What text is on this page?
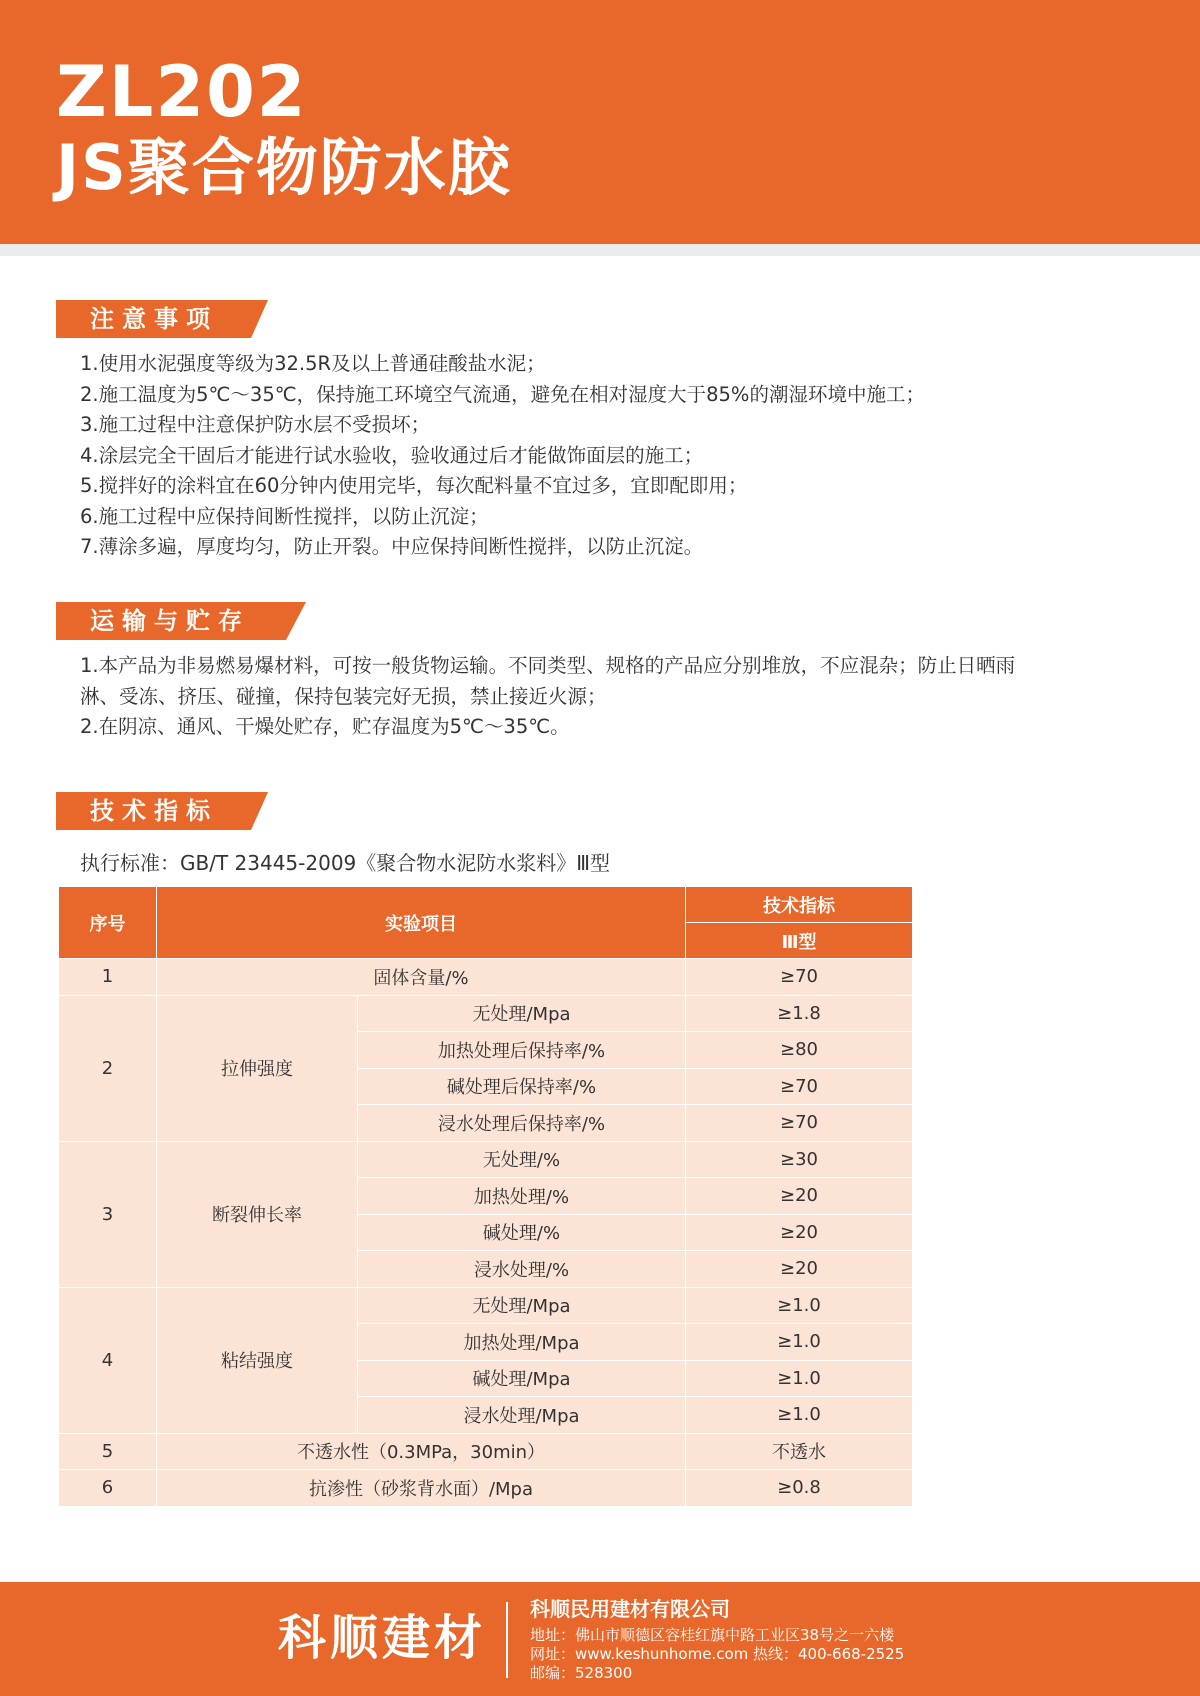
ZL202
JS聚合物防水胶
注意事项
1.使用水泥强度等级为32.5R及以上普通硅酸盐水泥；
2.施工温度为5℃～35℃，保持施工环境空气流通，避免在相对湿度大于85%的潮湿环境中施工；
3.施工过程中注意保护防水层不受损坏；
4.涂层完全干固后才能进行试水验收，验收通过后才能做饰面层的施工；
5.搅拌好的涂料宜在60分钟内使用完毕，每次配料量不宜过多，宜即配即用；
6.施工过程中应保持间断性搅拌，以防止沉淀；
7.薄涂多遍，厚度均匀，防止开裂。中应保持间断性搅拌，以防止沉淀。
运输与贮存
1.本产品为非易燃易爆材料，可按一般货物运输。不同类型、规格的产品应分别堆放，不应混杂；防止日晒雨
淋、受冻、挤压、碰撞，保持包装完好无损，禁止接近火源；
2.在阴凉、通风、干燥处贮存，贮存温度为5℃～35℃。
技术指标
执行标准：GB/T 23445-2009《聚合物水泥防水浆料》Ⅲ型
序号	实验项目		技术指标
			Ⅲ型
1	固体含量/%		≥70
2	拉伸强度	无处理/Mpa	≥1.8
		加热处理后保持率/%	≥80
		碱处理后保持率/%	≥70
		浸水处理后保持率/%	≥70
3	断裂伸长率	无处理/%	≥30
		加热处理/%	≥20
		碱处理/%	≥20
		浸水处理/%	≥20
4	粘结强度	无处理/Mpa	≥1.0
		加热处理/Mpa	≥1.0
		碱处理/Mpa	≥1.0
		浸水处理/Mpa	≥1.0
5	不透水性（0.3MPa，30min）		不透水
6	抗渗性（砂浆背水面）/Mpa		≥0.8
科顺建材
科顺民用建材有限公司
地址：佛山市顺德区容桂红旗中路工业区38号之一六楼
网址：www.keshunhome.com 热线：400-668-2525
邮编：528300
